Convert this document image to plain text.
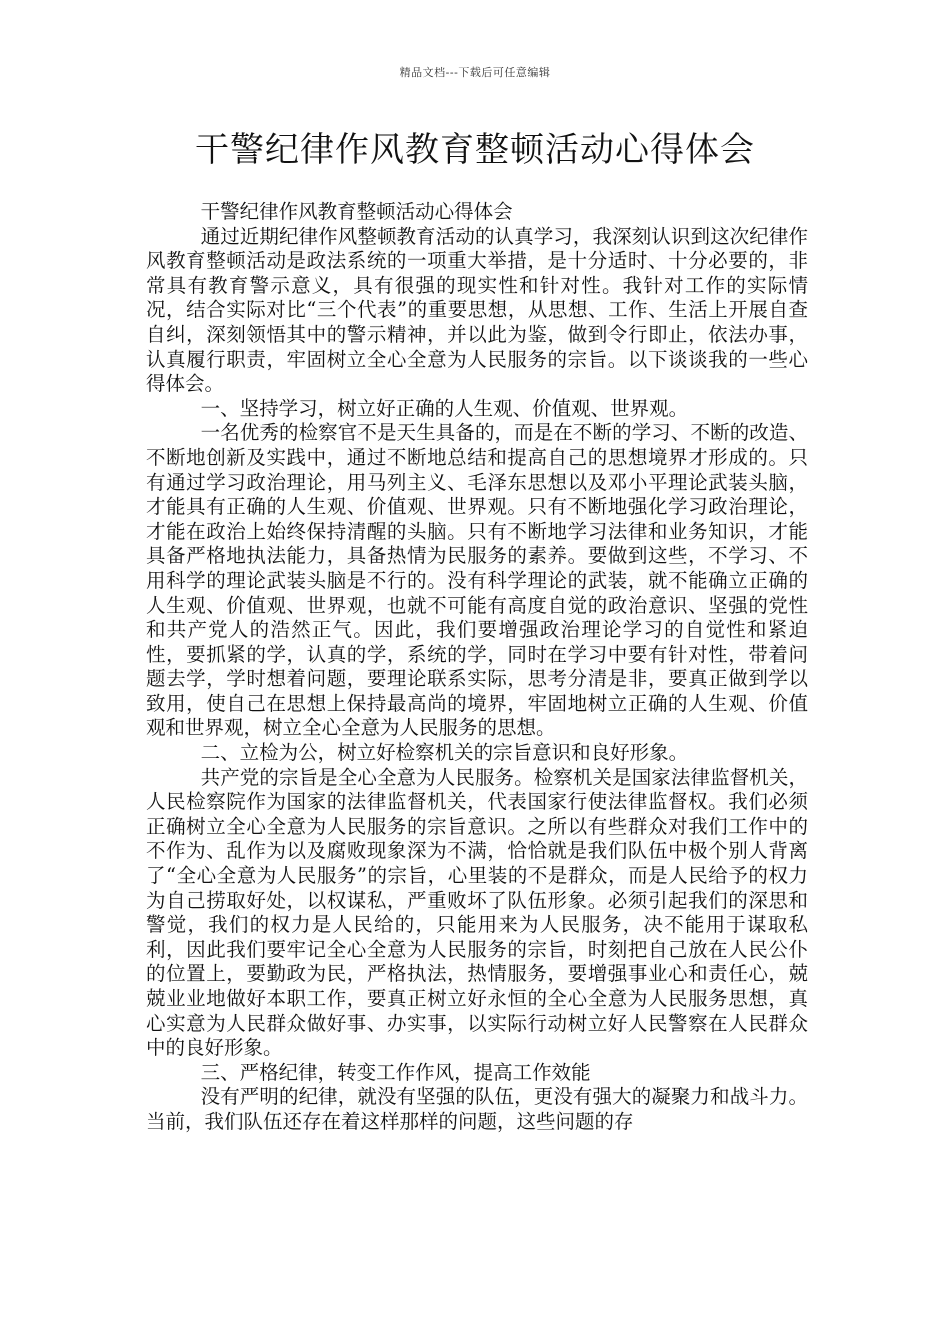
精品文档---下载后可任意编辑
干警纪律作风教育整顿活动心得体会

干警纪律作风教育整顿活动心得体会

通过近期纪律作风整顿教育活动的认真学习，我深刻认识到这次纪律作风教育整顿活动是政法系统的一项重大举措，是十分适时、十分必要的，非常具有教育警示意义，具有很强的现实性和针对性。我针对工作的实际情况，结合实际对比“三个代表”的重要思想，从思想、工作、生活上开展自查自纠，深刻领悟其中的警示精神，并以此为鉴，做到令行即止，依法办事，认真履行职责，牢固树立全心全意为人民服务的宗旨。以下谈谈我的一些心得体会。

一、坚持学习，树立好正确的人生观、价值观、世界观。

一名优秀的检察官不是天生具备的，而是在不断的学习、不断的改造、不断地创新及实践中，通过不断地总结和提高自己的思想境界才形成的。只有通过学习政治理论，用马列主义、毛泽东思想以及邓小平理论武装头脑，才能具有正确的人生观、价值观、世界观。只有不断地强化学习政治理论，才能在政治上始终保持清醒的头脑。只有不断地学习法律和业务知识，才能具备严格地执法能力，具备热情为民服务的素养。要做到这些，不学习、不用科学的理论武装头脑是不行的。没有科学理论的武装，就不能确立正确的人生观、价值观、世界观，也就不可能有高度自觉的政治意识、坚强的党性和共产党人的浩然正气。因此，我们要增强政治理论学习的自觉性和紧迫性，要抓紧的学，认真的学，系统的学，同时在学习中要有针对性，带着问题去学，学时想着问题，要理论联系实际，思考分清是非，要真正做到学以致用，使自己在思想上保持最高尚的境界，牢固地树立正确的人生观、价值观和世界观，树立全心全意为人民服务的思想。

二、立检为公，树立好检察机关的宗旨意识和良好形象。

共产党的宗旨是全心全意为人民服务。检察机关是国家法律监督机关，人民检察院作为国家的法律监督机关，代表国家行使法律监督权。我们必须正确树立全心全意为人民服务的宗旨意识。之所以有些群众对我们工作中的不作为、乱作为以及腐败现象深为不满，恰恰就是我们队伍中极个别人背离了“全心全意为人民服务”的宗旨，心里装的不是群众，而是人民给予的权力为自己捞取好处，以权谋私，严重败坏了队伍形象。必须引起我们的深思和警觉，我们的权力是人民给的，只能用来为人民服务，决不能用于谋取私利，因此我们要牢记全心全意为人民服务的宗旨，时刻把自己放在人民公仆的位置上，要勤政为民，严格执法，热情服务，要增强事业心和责任心，兢兢业业地做好本职工作，要真正树立好永恒的全心全意为人民服务思想，真心实意为人民群众做好事、办实事，以实际行动树立好人民警察在人民群众中的良好形象。

三、严格纪律，转变工作作风，提高工作效能

没有严明的纪律，就没有坚强的队伍，更没有强大的凝聚力和战斗力。当前，我们队伍还存在着这样那样的问题，这些问题的存
